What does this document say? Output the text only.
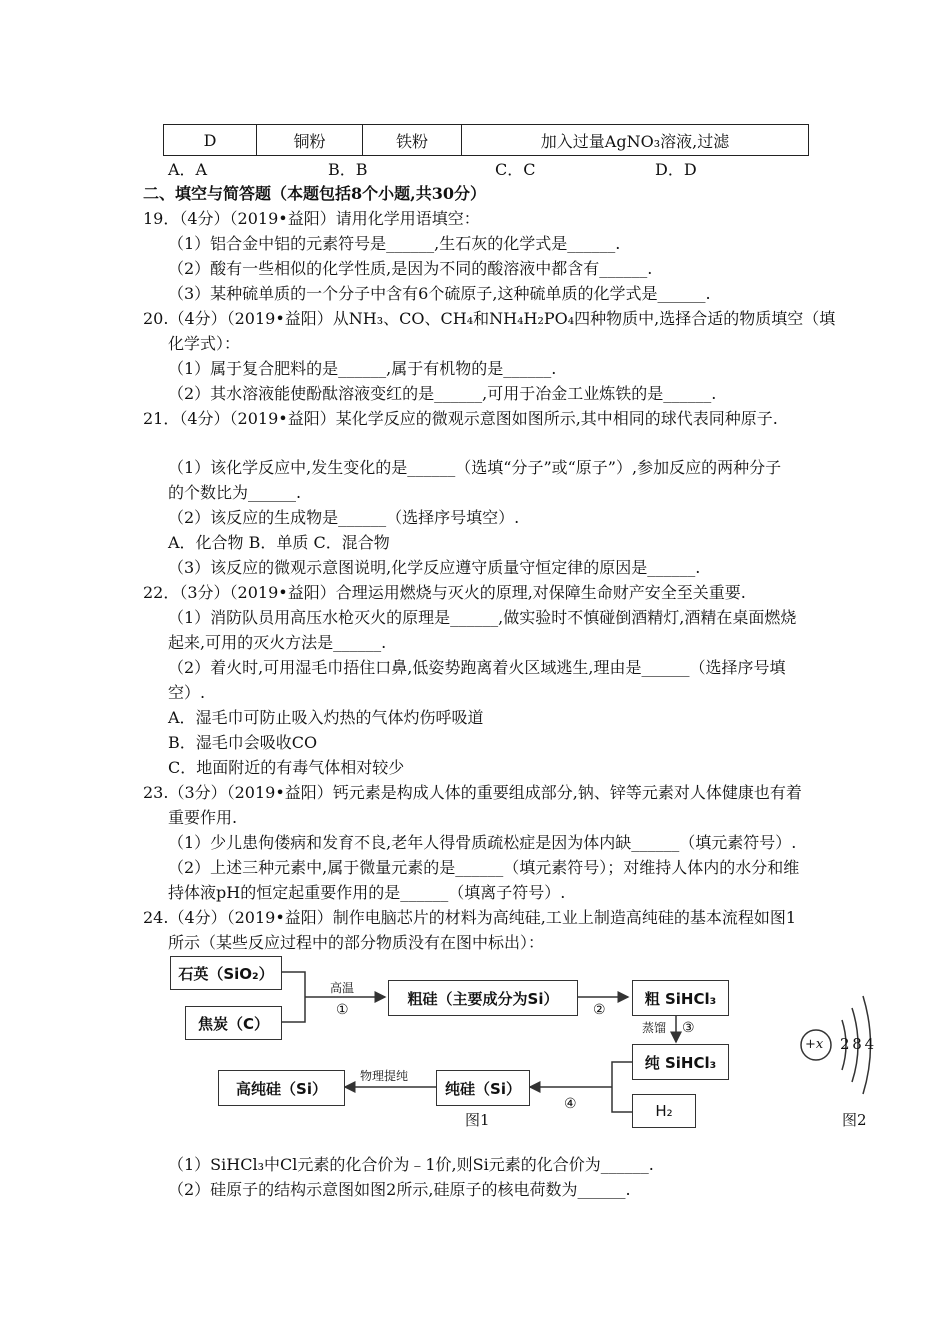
D	铜粉	铁粉	加入过量AgNO₃溶液,过滤
A．A	B．B	C．C	D．D
二、填空与简答题（本题包括8个小题,共30分）
19．（4分）（2019•益阳）请用化学用语填空：
（1）铝合金中铝的元素符号是______,生石灰的化学式是______.
（2）酸有一些相似的化学性质,是因为不同的酸溶液中都含有______.
（3）某种硫单质的一个分子中含有6个硫原子,这种硫单质的化学式是______.
20.（4分）（2019•益阳）从NH₃、CO、CH₄和NH₄H₂PO₄四种物质中,选择合适的物质填空（填
化学式）：
（1）属于复合肥料的是______,属于有机物的是______.
（2）其水溶液能使酚酞溶液变红的是______,可用于冶金工业炼铁的是______.
21．（4分）（2019•益阳）某化学反应的微观示意图如图所示,其中相同的球代表同种原子.
（1）该化学反应中,发生变化的是______（选填“分子”或“原子”）,参加反应的两种分子
的个数比为______.
（2）该反应的生成物是______（选择序号填空）.
A．化合物 B．单质 C．混合物
（3）该反应的微观示意图说明,化学反应遵守质量守恒定律的原因是______.
22．（3分）（2019•益阳）合理运用燃烧与灭火的原理,对保障生命财产安全至关重要.
（1）消防队员用高压水枪灭火的原理是______,做实验时不慎碰倒酒精灯,酒精在桌面燃烧
起来,可用的灭火方法是______.
（2）着火时,可用湿毛巾捂住口鼻,低姿势跑离着火区域逃生,理由是______（选择序号填
空）.
A．湿毛巾可防止吸入灼热的气体灼伤呼吸道
B．湿毛巾会吸收CO
C．地面附近的有毒气体相对较少
23.（3分）（2019•益阳）钙元素是构成人体的重要组成部分,钠、锌等元素对人体健康也有着
重要作用.
（1）少儿患佝偻病和发育不良,老年人得骨质疏松症是因为体内缺______（填元素符号）.
（2）上述三种元素中,属于微量元素的是______（填元素符号）；对维持人体内的水分和维
持体液pH的恒定起重要作用的是______（填离子符号）.
24.（4分）（2019•益阳）制作电脑芯片的材料为高纯硅,工业上制造高纯硅的基本流程如图1
所示（某些反应过程中的部分物质没有在图中标出）：
石英（SiO₂）
焦炭（C）
高温
①
粗硅（主要成分为Si）
②
粗 SiHCl₃
蒸馏 ③
纯 SiHCl₃
H₂
④
纯硅（Si）
物理提纯
高纯硅（Si）
图1
+x 2 8 4
图2
（1）SiHCl₃中Cl元素的化合价为﹣1价,则Si元素的化合价为______.
（2）硅原子的结构示意图如图2所示,硅原子的核电荷数为______.
